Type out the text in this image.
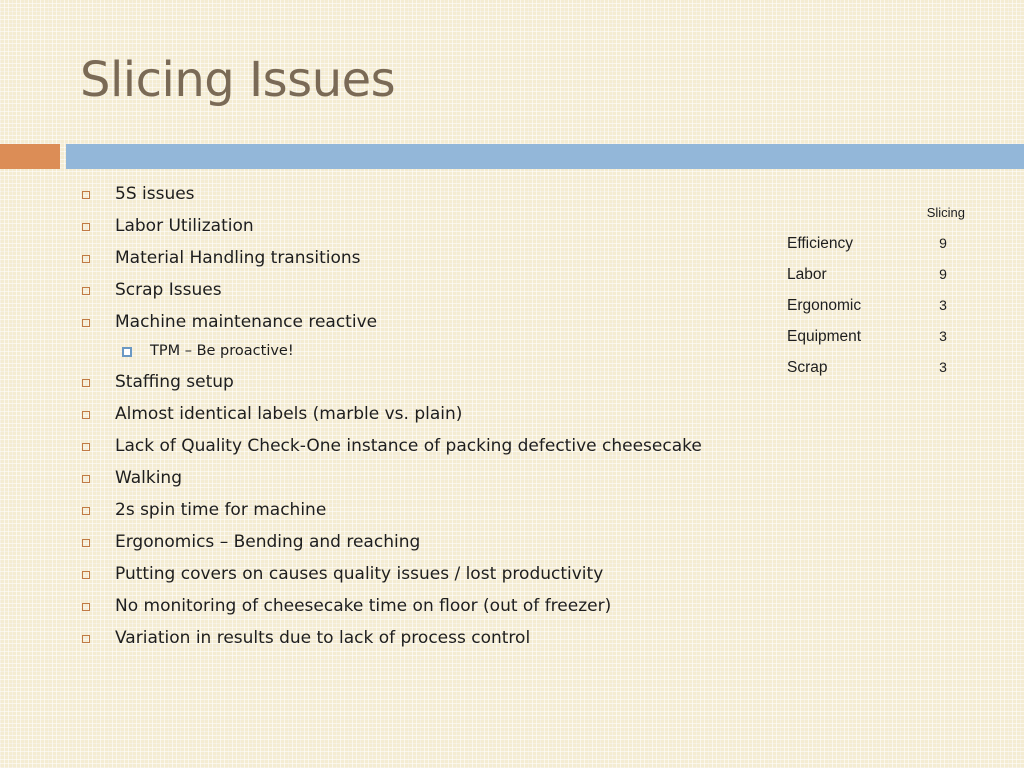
Slicing Issues
5S issues
Labor Utilization
Material Handling transitions
Scrap Issues
Machine maintenance reactive
TPM – Be proactive!
Staffing setup
Almost identical labels (marble vs. plain)
Lack of Quality Check-One instance of packing defective cheesecake
Walking
2s spin time for machine
Ergonomics – Bending and reaching
Putting covers on causes quality issues / lost productivity
No monitoring of cheesecake time on floor (out of freezer)
Variation in results due to lack of process control
Slicing
Efficiency	9
Labor	9
Ergonomic	3
Equipment	3
Scrap	3
